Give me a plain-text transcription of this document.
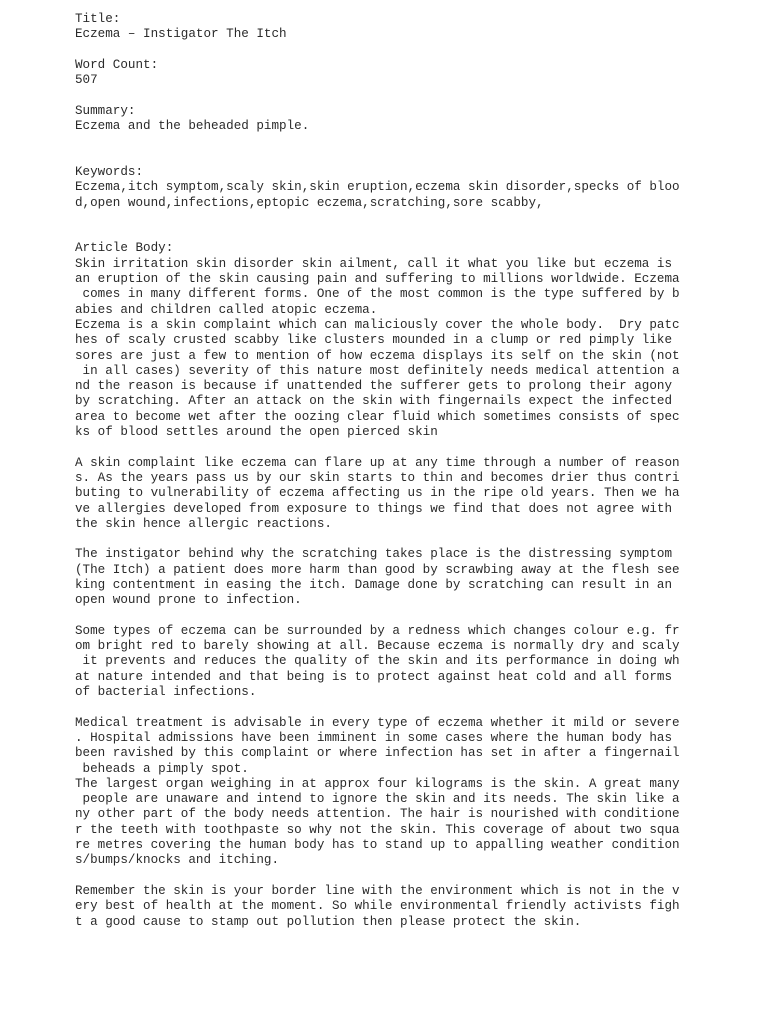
Title:
Eczema – Instigator The Itch
Word Count:
507
Summary:
Eczema and the beheaded pimple.
Keywords:
Eczema,itch symptom,scaly skin,skin eruption,eczema skin disorder,specks of bloo
d,open wound,infections,eptopic eczema,scratching,sore scabby,
Article Body:
Skin irritation skin disorder skin ailment, call it what you like but eczema is
an eruption of the skin causing pain and suffering to millions worldwide. Eczema
comes in many different forms. One of the most common is the type suffered by b
abies and children called atopic eczema.
Eczema is a skin complaint which can maliciously cover the whole body.  Dry patc
hes of scaly crusted scabby like clusters mounded in a clump or red pimply like
sores are just a few to mention of how eczema displays its self on the skin (not
in all cases) severity of this nature most definitely needs medical attention a
nd the reason is because if unattended the sufferer gets to prolong their agony
by scratching. After an attack on the skin with fingernails expect the infected
area to become wet after the oozing clear fluid which sometimes consists of spec
ks of blood settles around the open pierced skin
A skin complaint like eczema can flare up at any time through a number of reason
s. As the years pass us by our skin starts to thin and becomes drier thus contri
buting to vulnerability of eczema affecting us in the ripe old years. Then we ha
ve allergies developed from exposure to things we find that does not agree with
the skin hence allergic reactions.
The instigator behind why the scratching takes place is the distressing symptom
(The Itch) a patient does more harm than good by scrawbing away at the flesh see
king contentment in easing the itch. Damage done by scratching can result in an
open wound prone to infection.
Some types of eczema can be surrounded by a redness which changes colour e.g. fr
om bright red to barely showing at all. Because eczema is normally dry and scaly
it prevents and reduces the quality of the skin and its performance in doing wh
at nature intended and that being is to protect against heat cold and all forms
of bacterial infections.
Medical treatment is advisable in every type of eczema whether it mild or severe
. Hospital admissions have been imminent in some cases where the human body has
been ravished by this complaint or where infection has set in after a fingernail
beheads a pimply spot.
The largest organ weighing in at approx four kilograms is the skin. A great many
people are unaware and intend to ignore the skin and its needs. The skin like a
ny other part of the body needs attention. The hair is nourished with conditione
r the teeth with toothpaste so why not the skin. This coverage of about two squa
re metres covering the human body has to stand up to appalling weather condition
s/bumps/knocks and itching.
Remember the skin is your border line with the environment which is not in the v
ery best of health at the moment. So while environmental friendly activists figh
t a good cause to stamp out pollution then please protect the skin.
